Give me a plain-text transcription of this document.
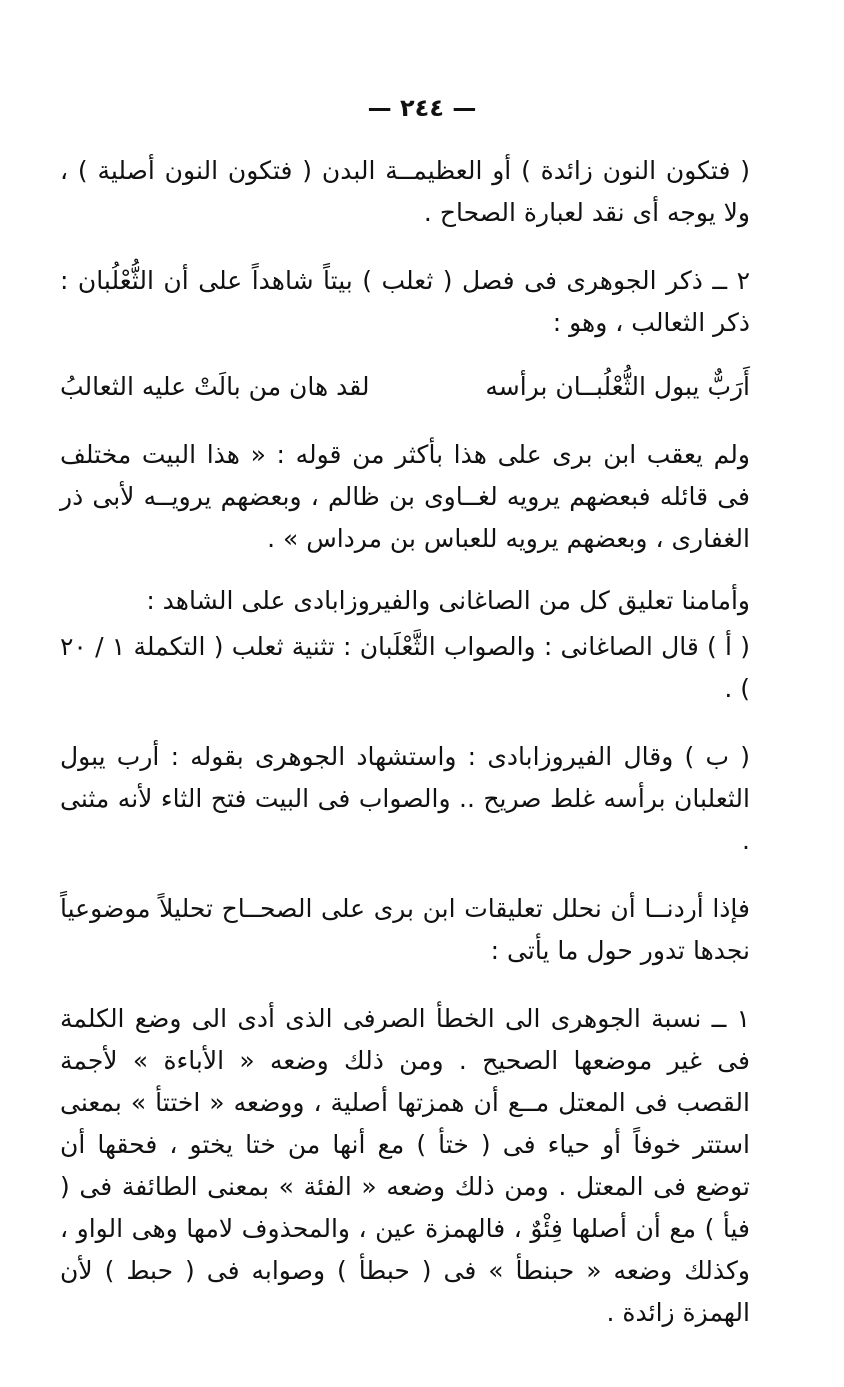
— ٢٤٤ —

( فتكون النون زائدة ) أو العظيمــة البدن ( فتكون النون أصلية ) ، ولا يوجه أى نقد لعبارة الصحاح .

٢ ــ ذكر الجوهرى فى فصل ( ثعلب ) بيتاً شاهداً على أن الثُّعْلُبان : ذكر الثعالب ، وهو :

أَرَبٌّ يبول الثُّعْلُبــان برأسه
لقد هان من بالَتْ عليه الثعالبُ

ولم يعقب ابن برى على هذا بأكثر من قوله : « هذا البيت مختلف فى قائله فبعضهم يرويه لغــاوى بن ظالم ، وبعضهم يرويــه لأبى ذر الغفارى ، وبعضهم يرويه للعباس بن مرداس » .

وأمامنا تعليق كل من الصاغانى والفيروزابادى على الشاهد :

( أ ) قال الصاغانى : والصواب الثَّعْلَبان : تثنية ثعلب ( التكملة ١ / ٢٠ ) .

( ب ) وقال الفيروزابادى : واستشهاد الجوهرى بقوله : أرب يبول الثعلبان برأسه غلط صريح .. والصواب فى البيت فتح الثاء لأنه مثنى .

فإذا أردنــا أن نحلل تعليقات ابن برى على الصحــاح تحليلاً موضوعياً نجدها تدور حول ما يأتى :

١ ــ نسبة الجوهرى الى الخطأ الصرفى الذى أدى الى وضع الكلمة فى غير موضعها الصحيح . ومن ذلك وضعه « الأباءة » لأجمة القصب فى المعتل مــع أن همزتها أصلية ، ووضعه « اختتأ » بمعنى استتر خوفاً أو حياء فى ( ختأ ) مع أنها من ختا يختو ، فحقها أن توضع فى المعتل . ومن ذلك وضعه « الفئة » بمعنى الطائفة فى ( فيأ ) مع أن أصلها فِئْوٌ ، فالهمزة عين ، والمحذوف لامها وهى الواو ، وكذلك وضعه « حبنطأ » فى ( حبطأ ) وصوابه فى ( حبط ) لأن الهمزة زائدة .
